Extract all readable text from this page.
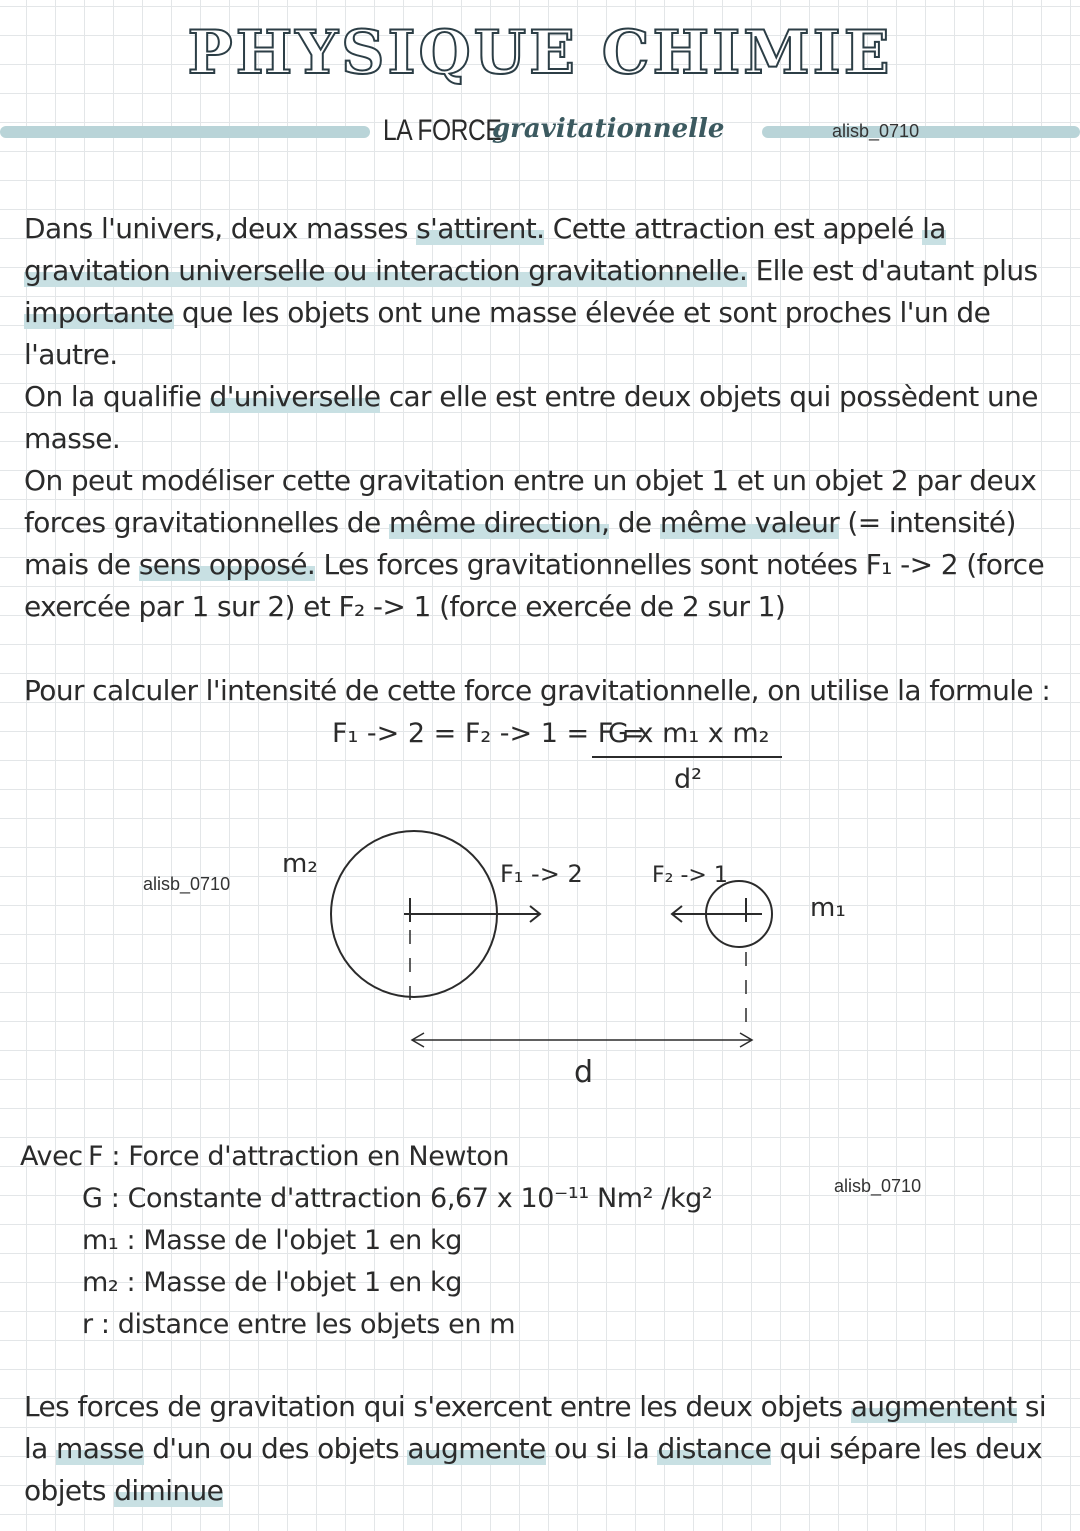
PHYSIQUE CHIMIE
LA FORCE
gravitationnelle	alisb_0710
Dans l'univers, deux masses s'attirent. Cette attraction est appelé la gravitation universelle ou interaction gravitationnelle. Elle est d'autant plus importante que les objets ont une masse élevée et sont proches l'un de l'autre.
On la qualifie d'universelle car elle est entre deux objets qui possèdent une masse.
On peut modéliser cette gravitation entre un objet 1 et un objet 2 par deux forces gravitationnelles de même direction, de même valeur (= intensité) mais de sens opposé. Les forces gravitationnelles sont notées F₁ -> 2 (force exercée par 1 sur 2) et F₂ -> 1 (force exercée de 2 sur 1)
Pour calculer l'intensité de cette force gravitationnelle, on utilise la formule :
F₁ -> 2 = F₂ -> 1 = F =
G x m₁ x m₂
d²
alisb_0710
m₂	F₁ -> 2	F₂ -> 1
m₁
d
Avec F : Force d'attraction en Newton
G : Constante d'attraction 6,67 x 10⁻¹¹ Nm² /kg²
m₁ : Masse de l'objet 1 en kg
m₂ : Masse de l'objet 1 en kg
r : distance entre les objets en m
alisb_0710
Les forces de gravitation qui s'exercent entre les deux objets augmentent si la masse d'un ou des objets augmente ou si la distance qui sépare les deux objets diminue
